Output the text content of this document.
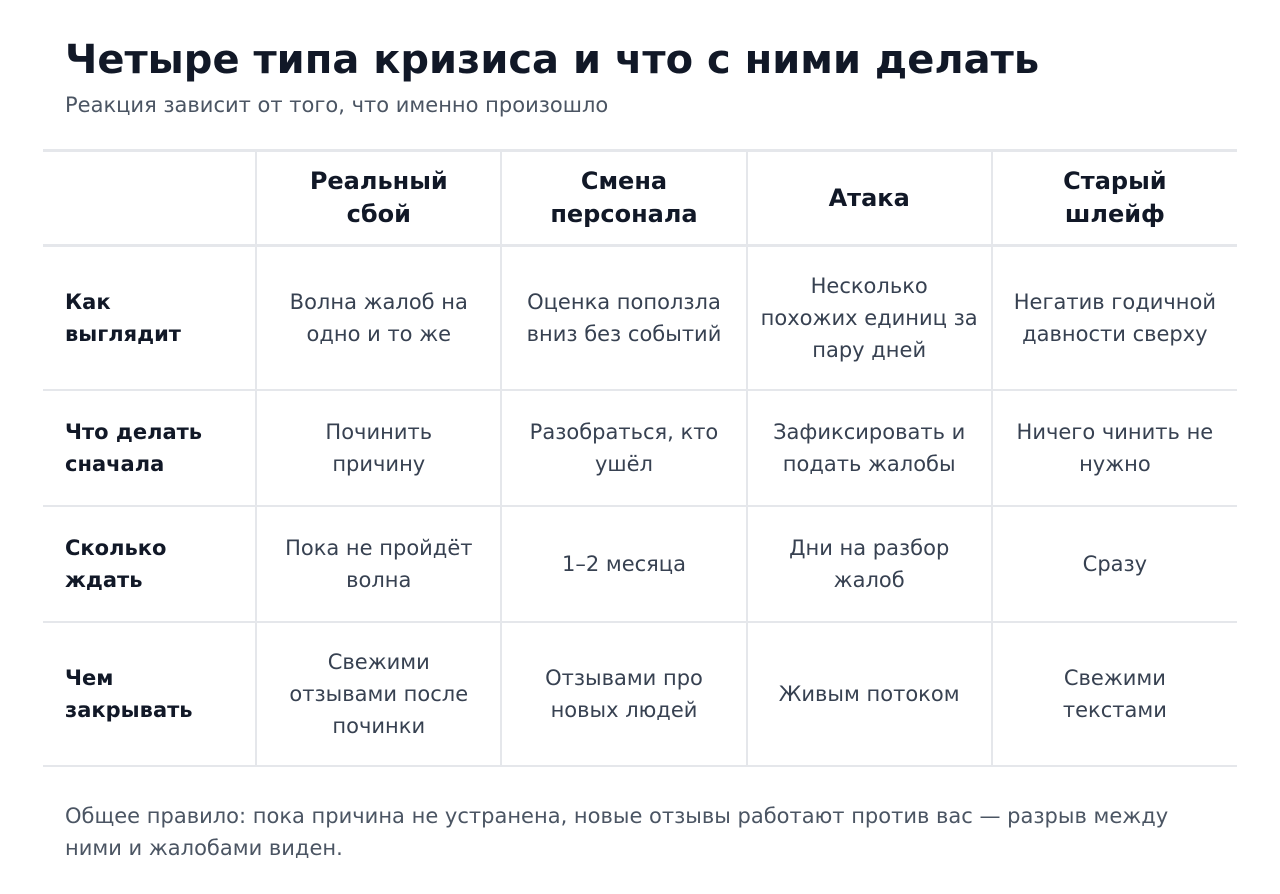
Четыре типа кризиса и что с ними делать

Реакция зависит от того, что именно произошло

	Реальный сбой	Смена персонала	Атака	Старый шлейф
Как выглядит	Волна жалоб на одно и то же	Оценка поползла вниз без событий	Несколько похожих единиц за пару дней	Негатив годичной давности сверху
Что делать сначала	Починить причину	Разобраться, кто ушёл	Зафиксировать и подать жалобы	Ничего чинить не нужно
Сколько ждать	Пока не пройдёт волна	1–2 месяца	Дни на разбор жалоб	Сразу
Чем закрывать	Свежими отзывами после починки	Отзывами про новых людей	Живым потоком	Свежими текстами

Общее правило: пока причина не устранена, новые отзывы работают против вас — разрыв между ними и жалобами виден.
